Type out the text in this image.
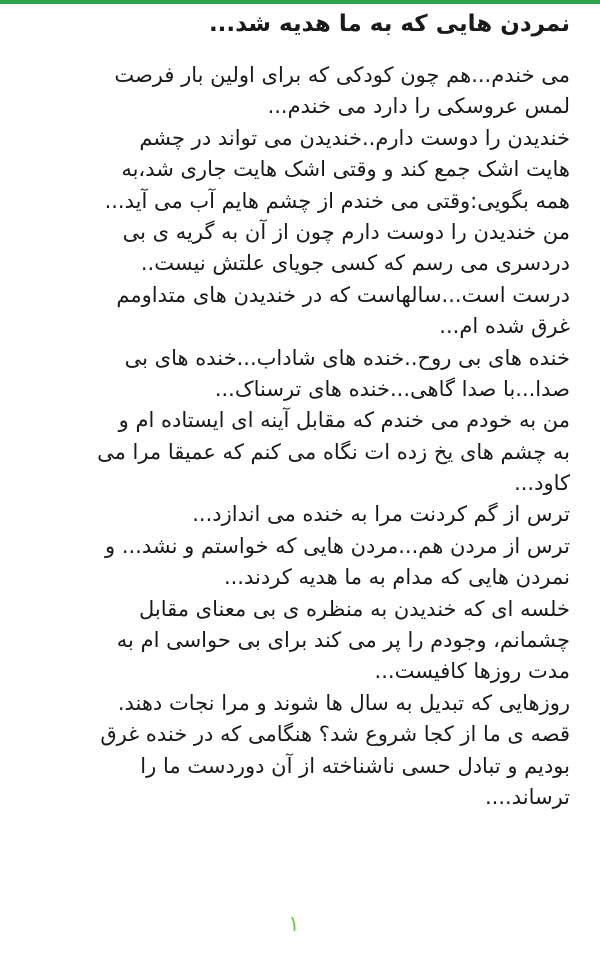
نمردن هایی که به ما هدیه شد...
می خندم...هم چون کودکی که برای اولین بار فرصت
لمس عروسکی را دارد می خندم...
خندیدن را دوست دارم..خندیدن می تواند در چشم
هایت اشک جمع کند و وقتی اشک هایت جاری شد،به
همه بگویی:وقتی می خندم از چشم هایم آب می آید...
من خندیدن را دوست دارم چون از آن به گریه ی بی
دردسری می رسم که کسی جویای علتش نیست..
درست است...سالهاست که در خندیدن های متداومم
غرق شده ام...
خنده های بی روح..خنده های شاداب...خنده های بی
صدا...با صدا گاهی...خنده های ترسناک...
من به خودم می خندم که مقابل آینه ای ایستاده ام و
به چشم های یخ زده ات نگاه می کنم که عمیقا مرا می
کاود...
ترس از گم کردنت مرا به خنده می اندازد...
ترس از مردن هم...مردن هایی که خواستم و نشد... و
نمردن هایی که مدام به ما هدیه کردند...
خلسه ای که خندیدن به منظره ی بی معنای مقابل
چشمانم، وجودم را پر می کند برای بی حواسی ام به
مدت روزها کافیست...
روزهایی که تبدیل به سال ها شوند و مرا نجات دهند.
قصه ی ما از کجا شروع شد؟ هنگامی که در خنده غرق
بودیم و تبادل حسی ناشناخته از آن دوردست ما را
ترساند....
۱
